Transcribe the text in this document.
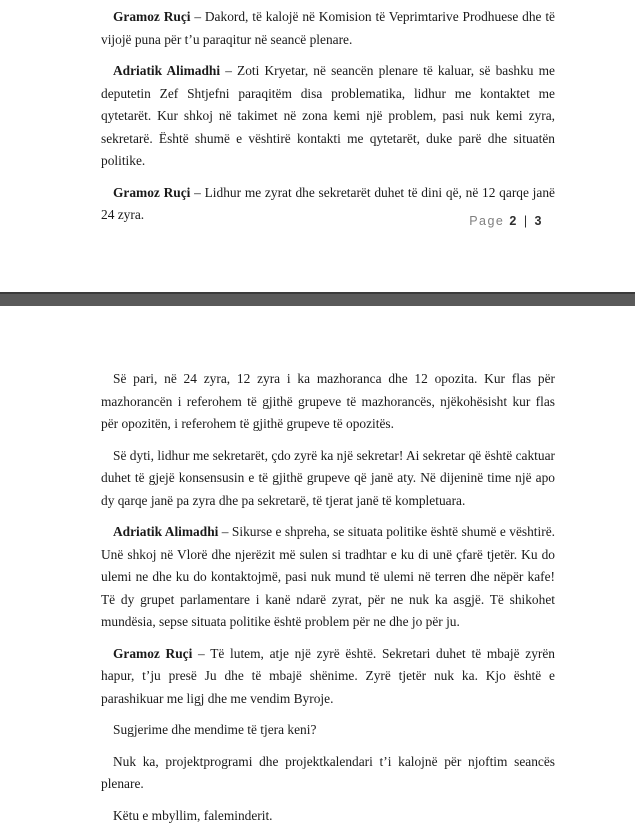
Gramoz Ruçi – Dakord, të kalojë në Komision të Veprimtarive Prodhuese dhe të vijojë puna për t’u paraqitur në seancë plenare.

Adriatik Alimadhi – Zoti Kryetar, në seancën plenare të kaluar, së bashku me deputetin Zef Shtjefni paraqitëm disa problematika, lidhur me kontaktet me qytetarët. Kur shkoj në takimet në zona kemi një problem, pasi nuk kemi zyra, sekretarë. Është shumë e vështirë kontakti me qytetarët, duke parë dhe situatën politike.

Gramoz Ruçi – Lidhur me zyrat dhe sekretarët duhet të dini që, në 12 qarqe janë 24 zyra.	Page 2 | 3

Së pari, në 24 zyra, 12 zyra i ka mazhoranca dhe 12 opozita. Kur flas për mazhorancën i referohem të gjithë grupeve të mazhorancës, njëkohësisht kur flas për opozitën, i referohem të gjithë grupeve të opozitës.

Së dyti, lidhur me sekretarët, çdo zyrë ka një sekretar! Ai sekretar që është caktuar duhet të gjejë konsensusin e të gjithë grupeve që janë aty. Në dijeninë time një apo dy qarqe janë pa zyra dhe pa sekretarë, të tjerat janë të kompletuara.

Adriatik Alimadhi – Sikurse e shpreha, se situata politike është shumë e vështirë. Unë shkoj në Vlorë dhe njerëzit më sulen si tradhtar e ku di unë çfarë tjetër. Ku do ulemi ne dhe ku do kontaktojmë, pasi nuk mund të ulemi në terren dhe nëpër kafe! Të dy grupet parlamentare i kanë ndarë zyrat, për ne nuk ka asgjë. Të shikohet mundësia, sepse situata politike është problem për ne dhe jo për ju.

Gramoz Ruçi – Të lutem, atje një zyrë është. Sekretari duhet të mbajë zyrën hapur, t’ju presë Ju dhe të mbajë shënime. Zyrë tjetër nuk ka. Kjo është e parashikuar me ligj dhe me vendim Byroje.

Sugjerime dhe mendime të tjera keni?

Nuk ka, projektprogrami dhe projektkalendari t’i kalojnë për njoftim seancës plenare.

Këtu e mbyllim, faleminderit.
